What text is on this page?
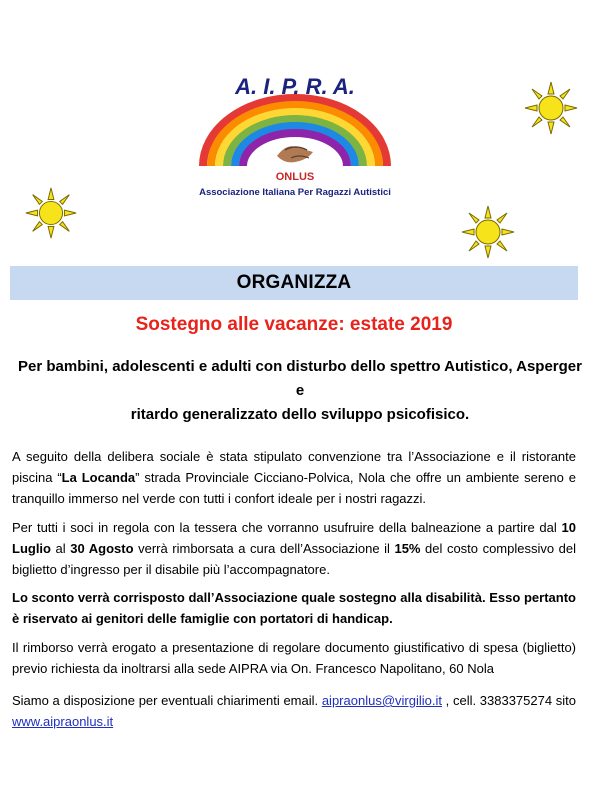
A. I. P. R. A.
ONLUS
Associazione Italiana Per Ragazzi Autistici
ORGANIZZA
Sostegno alle vacanze: estate 2019
Per bambini, adolescenti e adulti con disturbo dello spettro Autistico, Asperger e
ritardo generalizzato dello sviluppo psicofisico.
A seguito della delibera sociale è stata stipulato convenzione tra l’Associazione e il ristorante piscina “La Locanda” strada Provinciale Cicciano-Polvica, Nola che offre un ambiente sereno e tranquillo immerso nel verde con tutti i confort ideale per i nostri ragazzi.
Per tutti i soci in regola con la tessera che vorranno usufruire della balneazione a partire dal 10 Luglio al 30 Agosto verrà rimborsata a cura dell’Associazione il 15% del costo complessivo del biglietto d’ingresso per il disabile più l’accompagnatore.
Lo sconto verrà corrisposto dall’Associazione quale sostegno alla disabilità. Esso pertanto è riservato ai genitori delle famiglie con portatori di handicap.
Il rimborso verrà erogato a presentazione di regolare documento giustificativo di spesa (biglietto) previo richiesta da inoltrarsi alla sede AIPRA via On. Francesco Napolitano, 60 Nola
Siamo a disposizione per eventuali chiarimenti email. aipraonlus@virgilio.it , cell. 3383375274 sito www.aipraonlus.it
